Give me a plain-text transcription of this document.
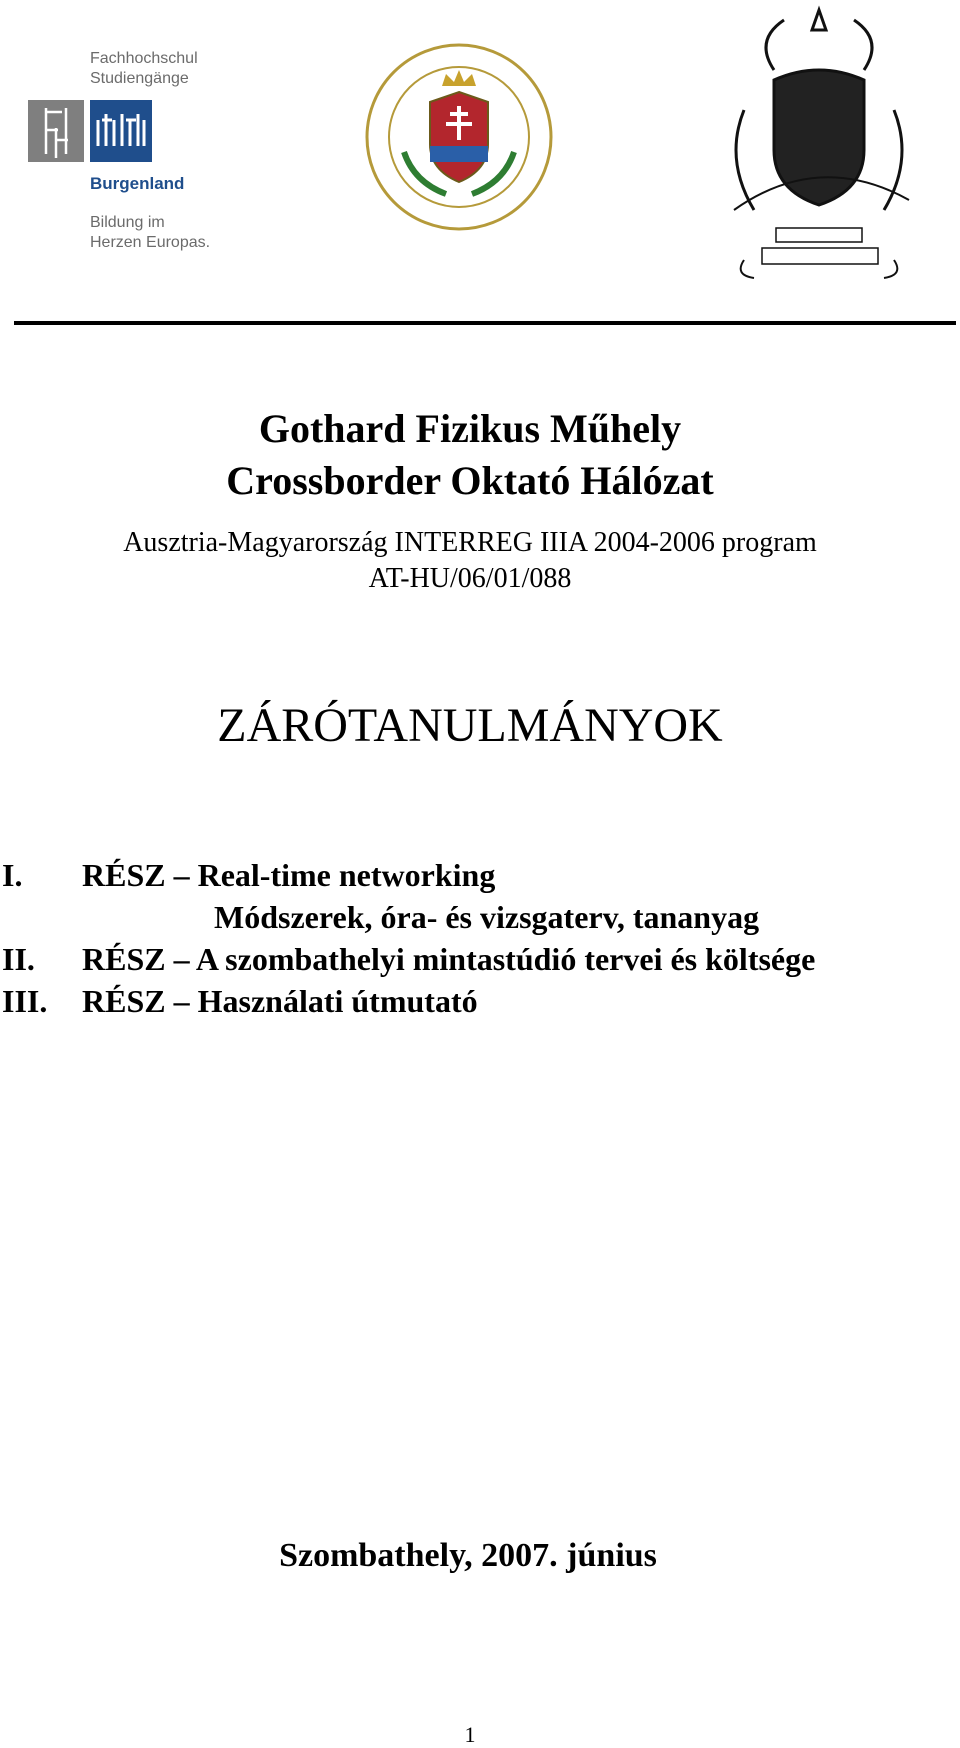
Fachhochschul
Studiengänge
Burgenland
Bildung im
Herzen Europas.
Gothard Fizikus Műhely
Crossborder Oktató Hálózat
Ausztria-Magyarország INTERREG IIIA 2004-2006 program
AT-HU/06/01/088
ZÁRÓTANULMÁNYOK
I. RÉSZ – Real-time networking
Módszerek, óra- és vizsgaterv, tananyag
II. RÉSZ – A szombathelyi mintastúdió tervei és költsége
III. RÉSZ – Használati útmutató
Szombathely, 2007. június
1
